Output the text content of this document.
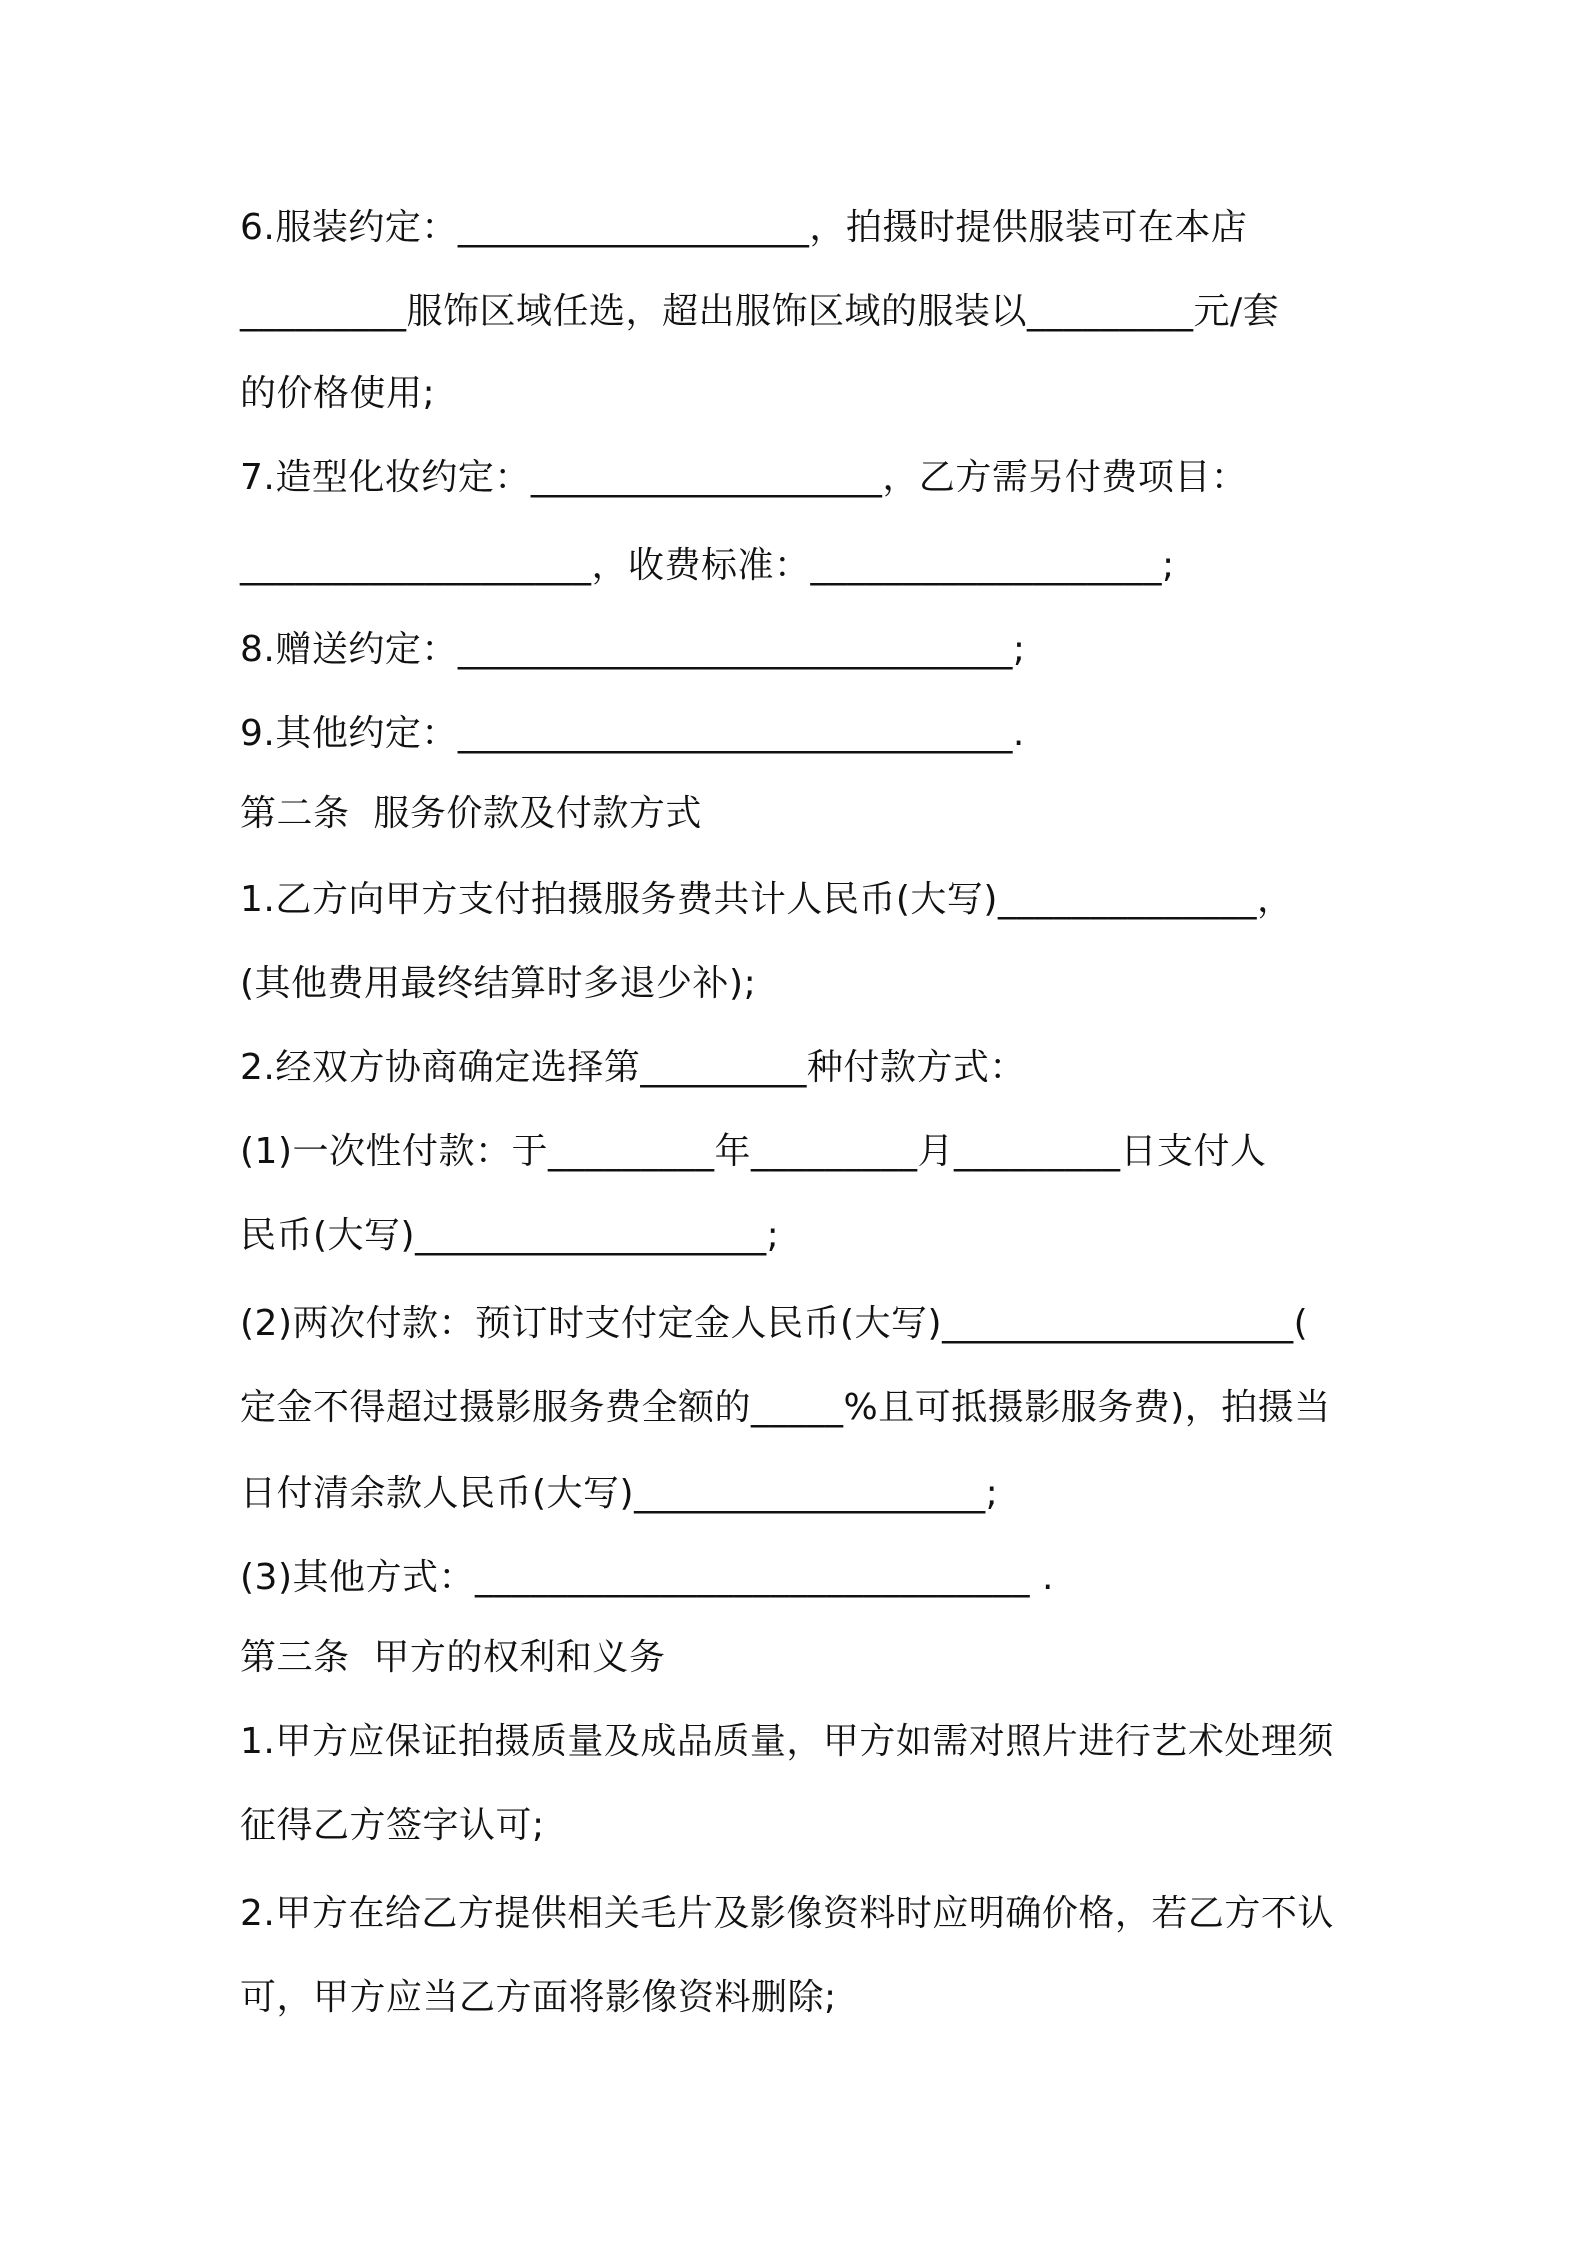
6.服装约定：___________________，拍摄时提供服装可在本店
_________服饰区域任选，超出服饰区域的服装以_________元/套
的价格使用;
7.造型化妆约定：___________________，乙方需另付费项目：
___________________，收费标准：___________________;
8.赠送约定：______________________________;
9.其他约定：______________________________.
第二条  服务价款及付款方式
1.乙方向甲方支付拍摄服务费共计人民币(大写)______________，
(其他费用最终结算时多退少补);
2.经双方协商确定选择第_________种付款方式：
(1)一次性付款：于_________年_________月_________日支付人
民币(大写)___________________;
(2)两次付款：预订时支付定金人民币(大写)___________________(
定金不得超过摄影服务费全额的_____%且可抵摄影服务费)，拍摄当
日付清余款人民币(大写)___________________;
(3)其他方式：______________________________ .
第三条  甲方的权利和义务
1.甲方应保证拍摄质量及成品质量，甲方如需对照片进行艺术处理须
征得乙方签字认可;
2.甲方在给乙方提供相关毛片及影像资料时应明确价格，若乙方不认
可，甲方应当乙方面将影像资料删除;
